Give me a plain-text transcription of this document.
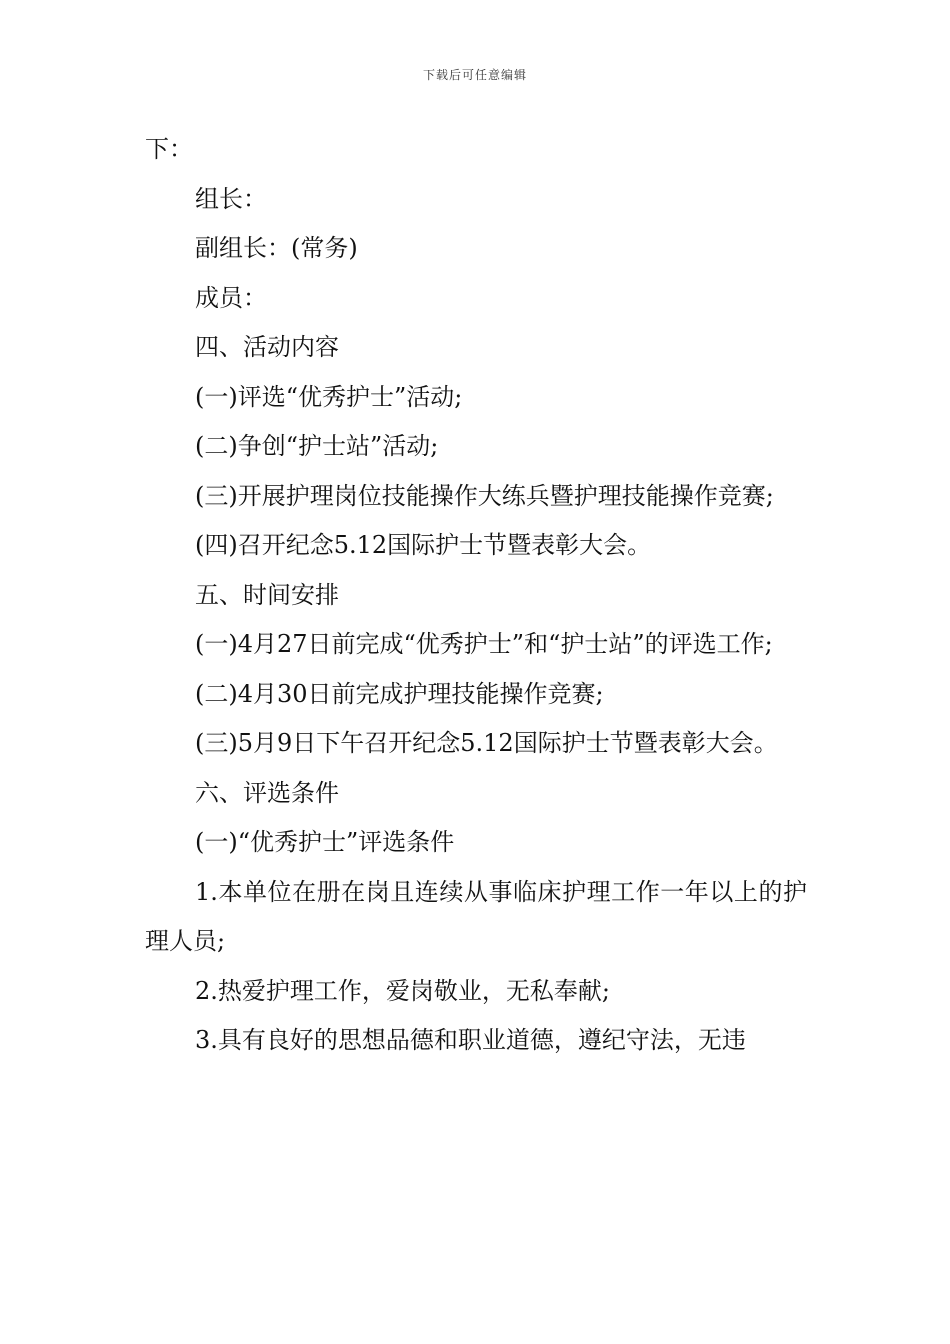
下载后可任意编辑

下：

组长：

副组长：(常务)

成员：

四、活动内容

(一)评选“优秀护士”活动;

(二)争创“护士站”活动;

(三)开展护理岗位技能操作大练兵暨护理技能操作竞赛;

(四)召开纪念5.12国际护士节暨表彰大会。

五、时间安排

(一)4月27日前完成“优秀护士”和“护士站”的评选工作;

(二)4月30日前完成护理技能操作竞赛;

(三)5月9日下午召开纪念5.12国际护士节暨表彰大会。

六、评选条件

(一)“优秀护士”评选条件

1.本单位在册在岗且连续从事临床护理工作一年以上的护理人员;

2.热爱护理工作，爱岗敬业，无私奉献;

3.具有良好的思想品德和职业道德，遵纪守法，无违
